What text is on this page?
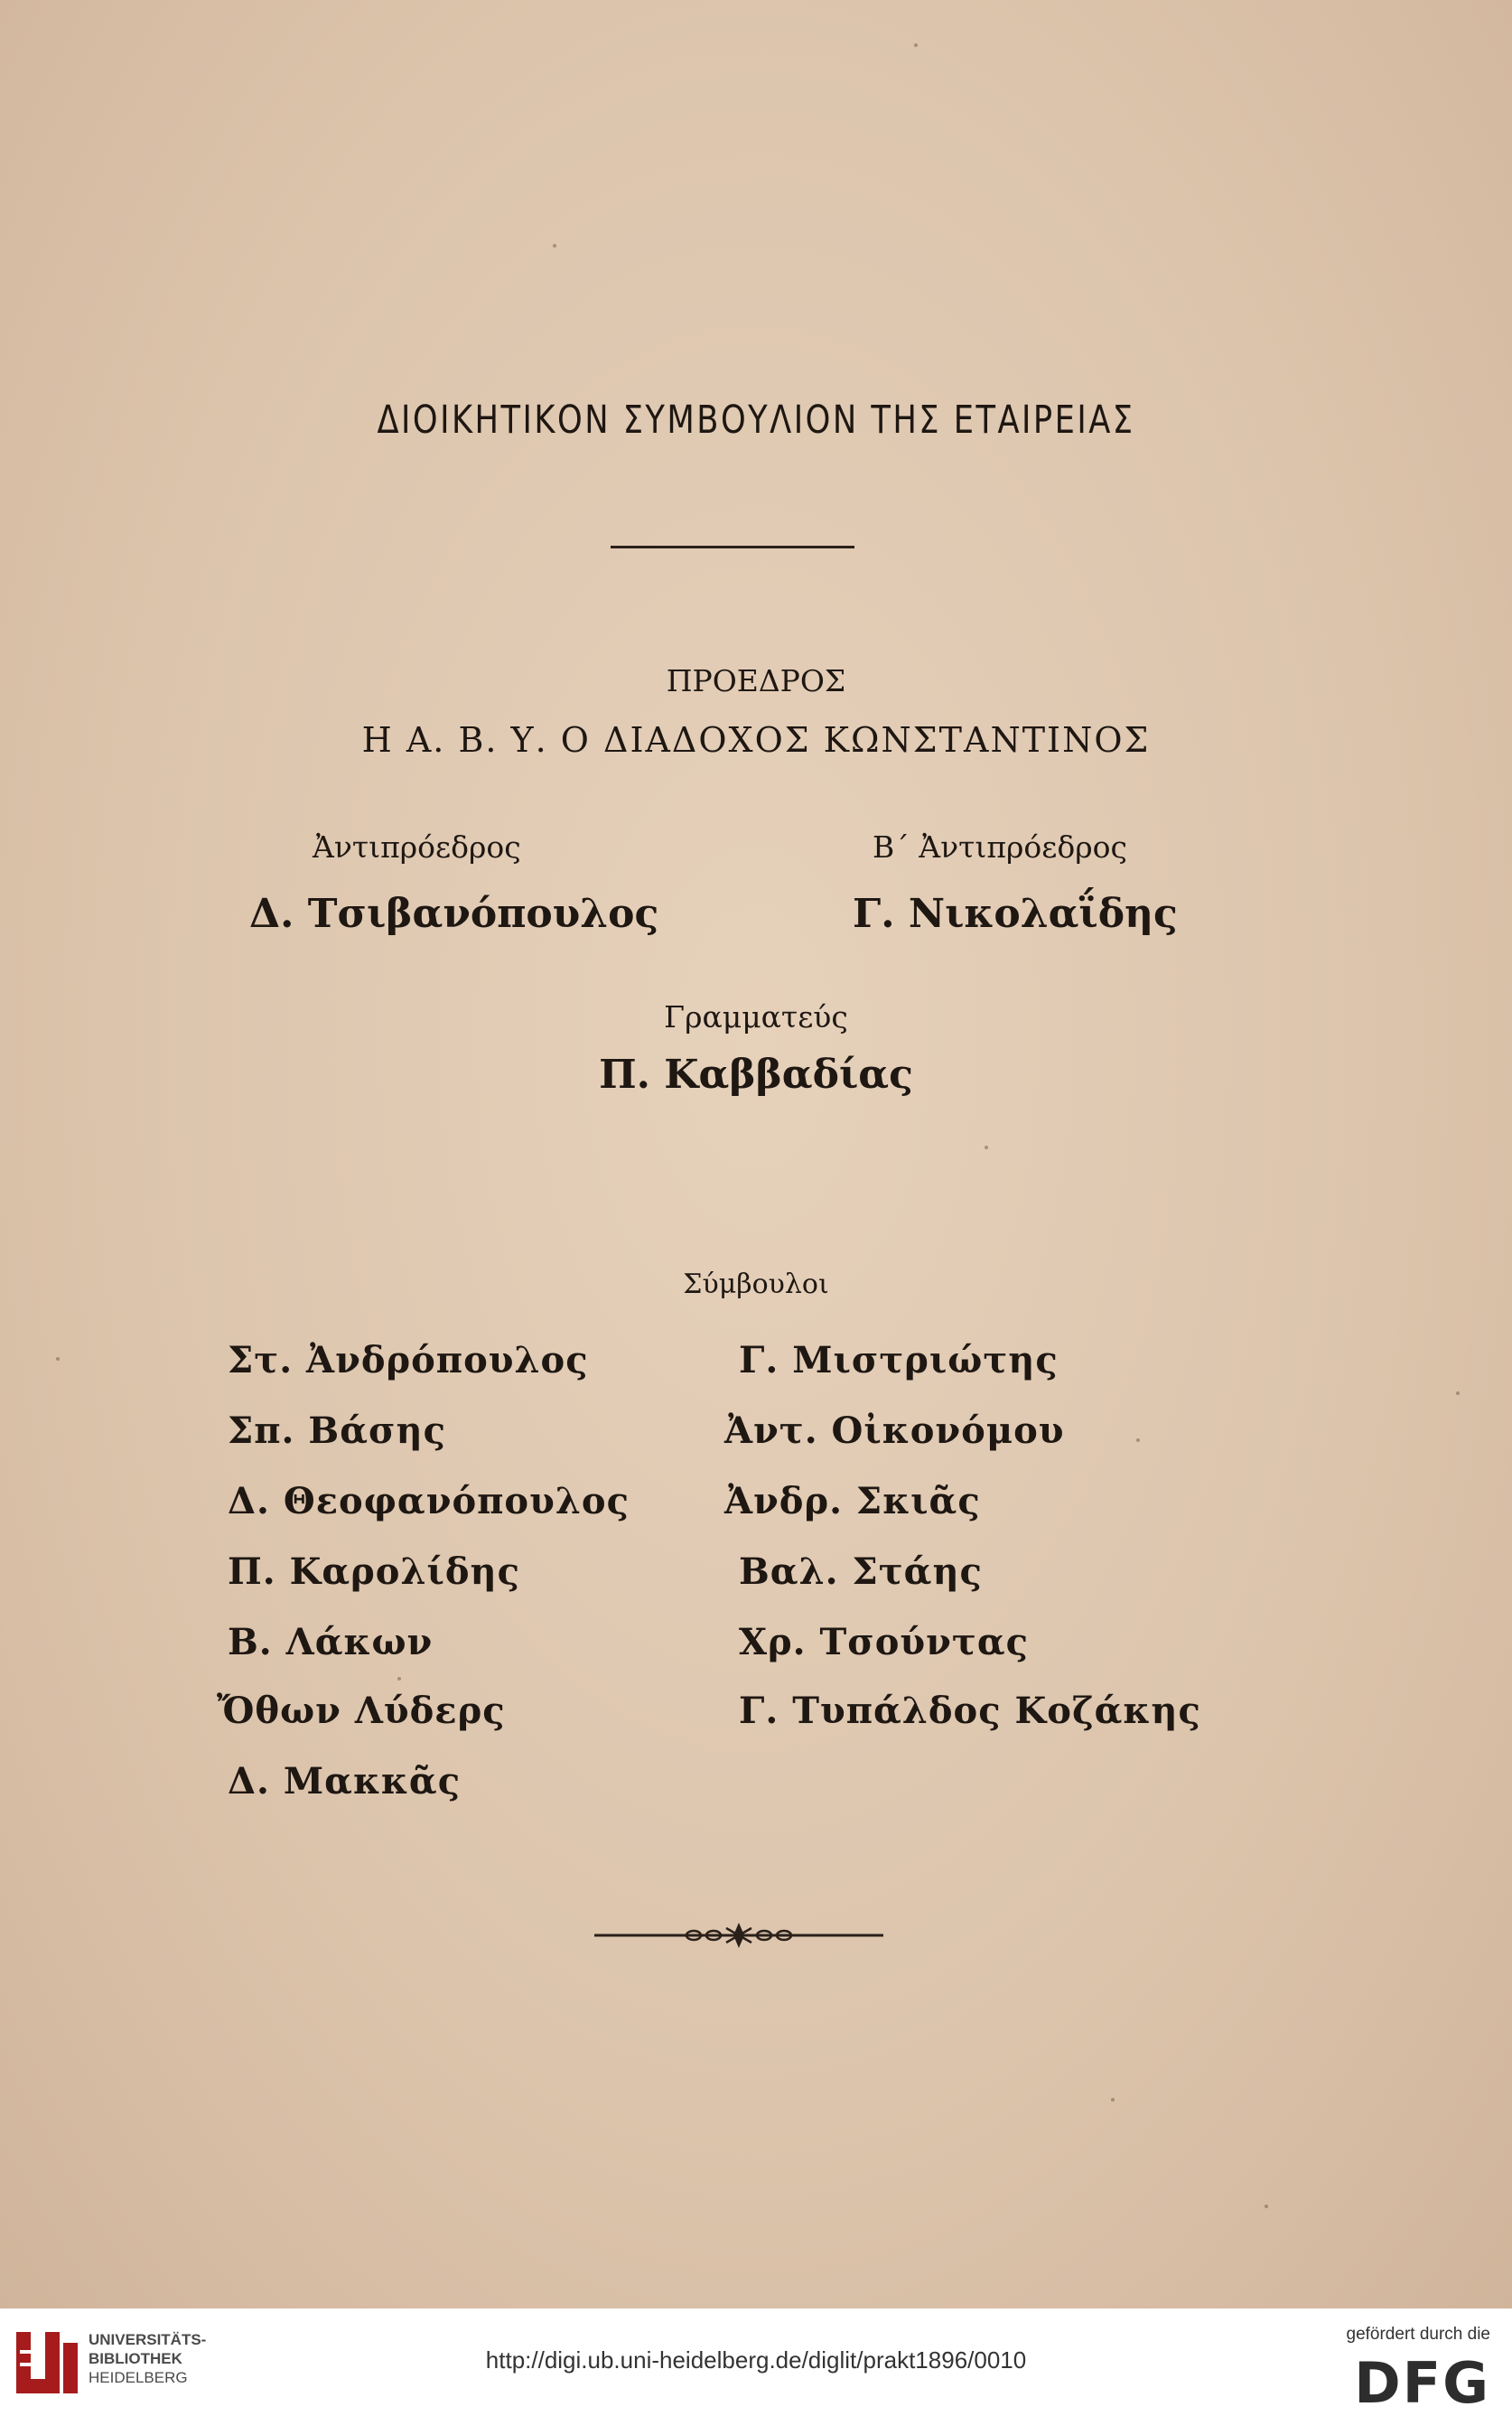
ΔΙΟΙΚΗΤΙΚΟΝ ΣΥΜΒΟΥΛΙΟΝ ΤΗΣ ΕΤΑΙΡΕΙΑΣ
ΠΡΟΕΔΡΟΣ
Η Α. Β. Υ. Ο ΔΙΑΔΟΧΟΣ ΚΩΝΣΤΑΝΤΙΝΟΣ
Ἀντιπρόεδρος
Δ. Τσιβανόπουλος
Β΄ Ἀντιπρόεδρος
Γ. Νικολαΐδης
Γραμματεύς
Π. Καββαδίας
Σύμβουλοι
Στ. Ἀνδρόπουλος
Σπ. Βάσης
Δ. Θεοφανόπουλος
Π. Καρολίδης
Β. Λάκων
Ὄθων Λύδερς
Δ. Μακκᾶς
Γ. Μιστριώτης
Ἀντ. Οἰκονόμου
Ἀνδρ. Σκιᾶς
Βαλ. Στάης
Χρ. Τσούντας
Γ. Τυπάλδος Κοζάκης
UNIVERSITÄTS-
BIBLIOTHEK
HEIDELBERG
http://digi.ub.uni-heidelberg.de/diglit/prakt1896/0010
gefördert durch die
DFG
